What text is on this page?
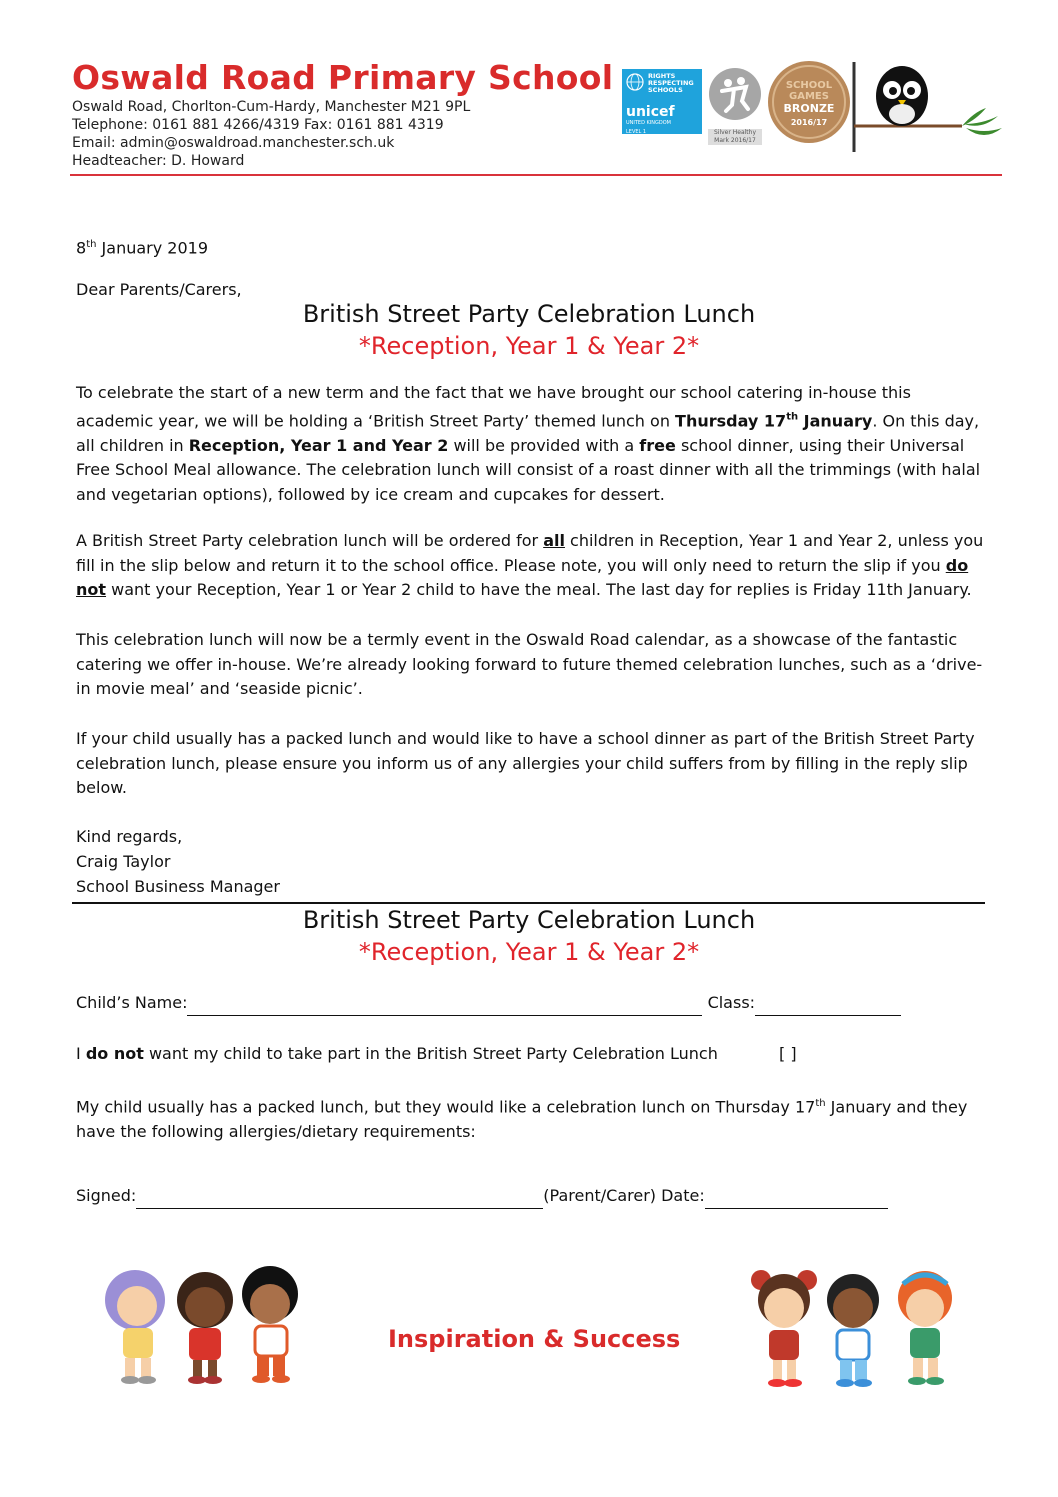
Oswald Road Primary School
Oswald Road, Chorlton-Cum-Hardy, Manchester M21 9PL
Telephone: 0161 881 4266/4319 Fax: 0161 881 4319
Email: admin@oswaldroad.manchester.sch.uk
Headteacher: D. Howard
RIGHTS RESPECTING SCHOOLS
unicef
UNITED KINGDOM
LEVEL 1	Silver Healthy Mark 2016/17
SCHOOL GAMES
BRONZE
2016/17
8th January 2019
Dear Parents/Carers,
British Street Party Celebration Lunch
*Reception, Year 1 & Year 2*
To celebrate the start of a new term and the fact that we have brought our school catering in-house this academic year, we will be holding a ‘British Street Party’ themed lunch on Thursday 17th January. On this day, all children in Reception, Year 1 and Year 2 will be provided with a free school dinner, using their Universal Free School Meal allowance. The celebration lunch will consist of a roast dinner with all the trimmings (with halal and vegetarian options), followed by ice cream and cupcakes for dessert.
A British Street Party celebration lunch will be ordered for all children in Reception, Year 1 and Year 2, unless you fill in the slip below and return it to the school office. Please note, you will only need to return the slip if you do not want your Reception, Year 1 or Year 2 child to have the meal. The last day for replies is Friday 11th January.
This celebration lunch will now be a termly event in the Oswald Road calendar, as a showcase of the fantastic catering we offer in-house. We’re already looking forward to future themed celebration lunches, such as a ‘drive-in movie meal’ and ‘seaside picnic’.
If your child usually has a packed lunch and would like to have a school dinner as part of the British Street Party celebration lunch, please ensure you inform us of any allergies your child suffers from by filling in the reply slip below.
Kind regards,
Craig Taylor
School Business Manager
British Street Party Celebration Lunch
*Reception, Year 1 & Year 2*
Child’s Name:	Class:
I do not want my child to take part in the British Street Party Celebration Lunch	[ ]
My child usually has a packed lunch, but they would like a celebration lunch on Thursday 17th January and they have the following allergies/dietary requirements:
Signed:	(Parent/Carer) Date:
Inspiration & Success
